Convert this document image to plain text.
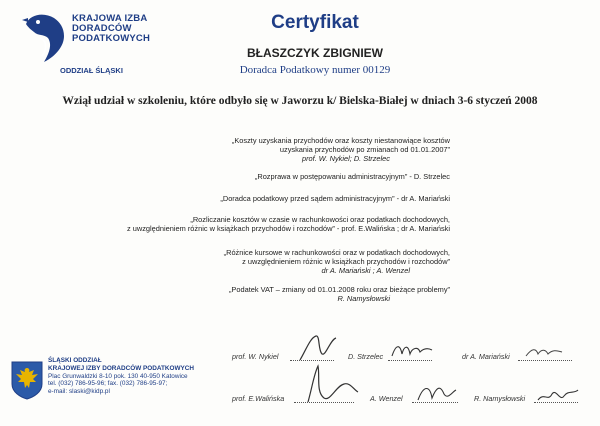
KRAJOWA IZBA
DORADCÓW
PODATKOWYCH
ODDZIAŁ ŚLĄSKI
Certyfikat
BŁASZCZYK ZBIGNIEW
Doradca Podatkowy numer 00129
Wziął udział w szkoleniu, które odbyło się w Jaworzu k/ Bielska-Białej w dniach 3-6 styczeń 2008
„Koszty uzyskania przychodów oraz koszty niestanowiące kosztów
uzyskania przychodów po zmianach od 01.01.2007”
prof. W. Nykiel; D. Strzelec
„Rozprawa w postępowaniu administracyjnym” - D. Strzelec
„Doradca podatkowy przed sądem administracyjnym” - dr A. Mariański
„Rozliczanie kosztów w czasie w rachunkowości oraz podatkach dochodowych,
z uwzględnieniem różnic w książkach przychodów i rozchodów” - prof. E.Walińska ; dr A. Mariański
„Różnice kursowe w rachunkowości oraz w podatkach dochodowych,
z uwzględnieniem różnic w książkach przychodów i rozchodów”
dr A. Mariański ; A. Wenzel
„Podatek VAT – zmiany od 01.01.2008 roku oraz bieżące problemy”
R. Namysłowski
ŚLĄSKI ODDZIAŁ
KRAJOWEJ IZBY DORADCÓW PODATKOWYCH
Plac Grunwaldzki 8-10 pok. 130 40-950 Katowice
tel. (032) 786-95-96; fax. (032) 786-95-97;
e-mail: slaski@kidp.pl
prof. W. Nykiel	D. Strzelec	dr A. Mariański
prof. E.Walińska	A. Wenzel	R. Namysłowski
